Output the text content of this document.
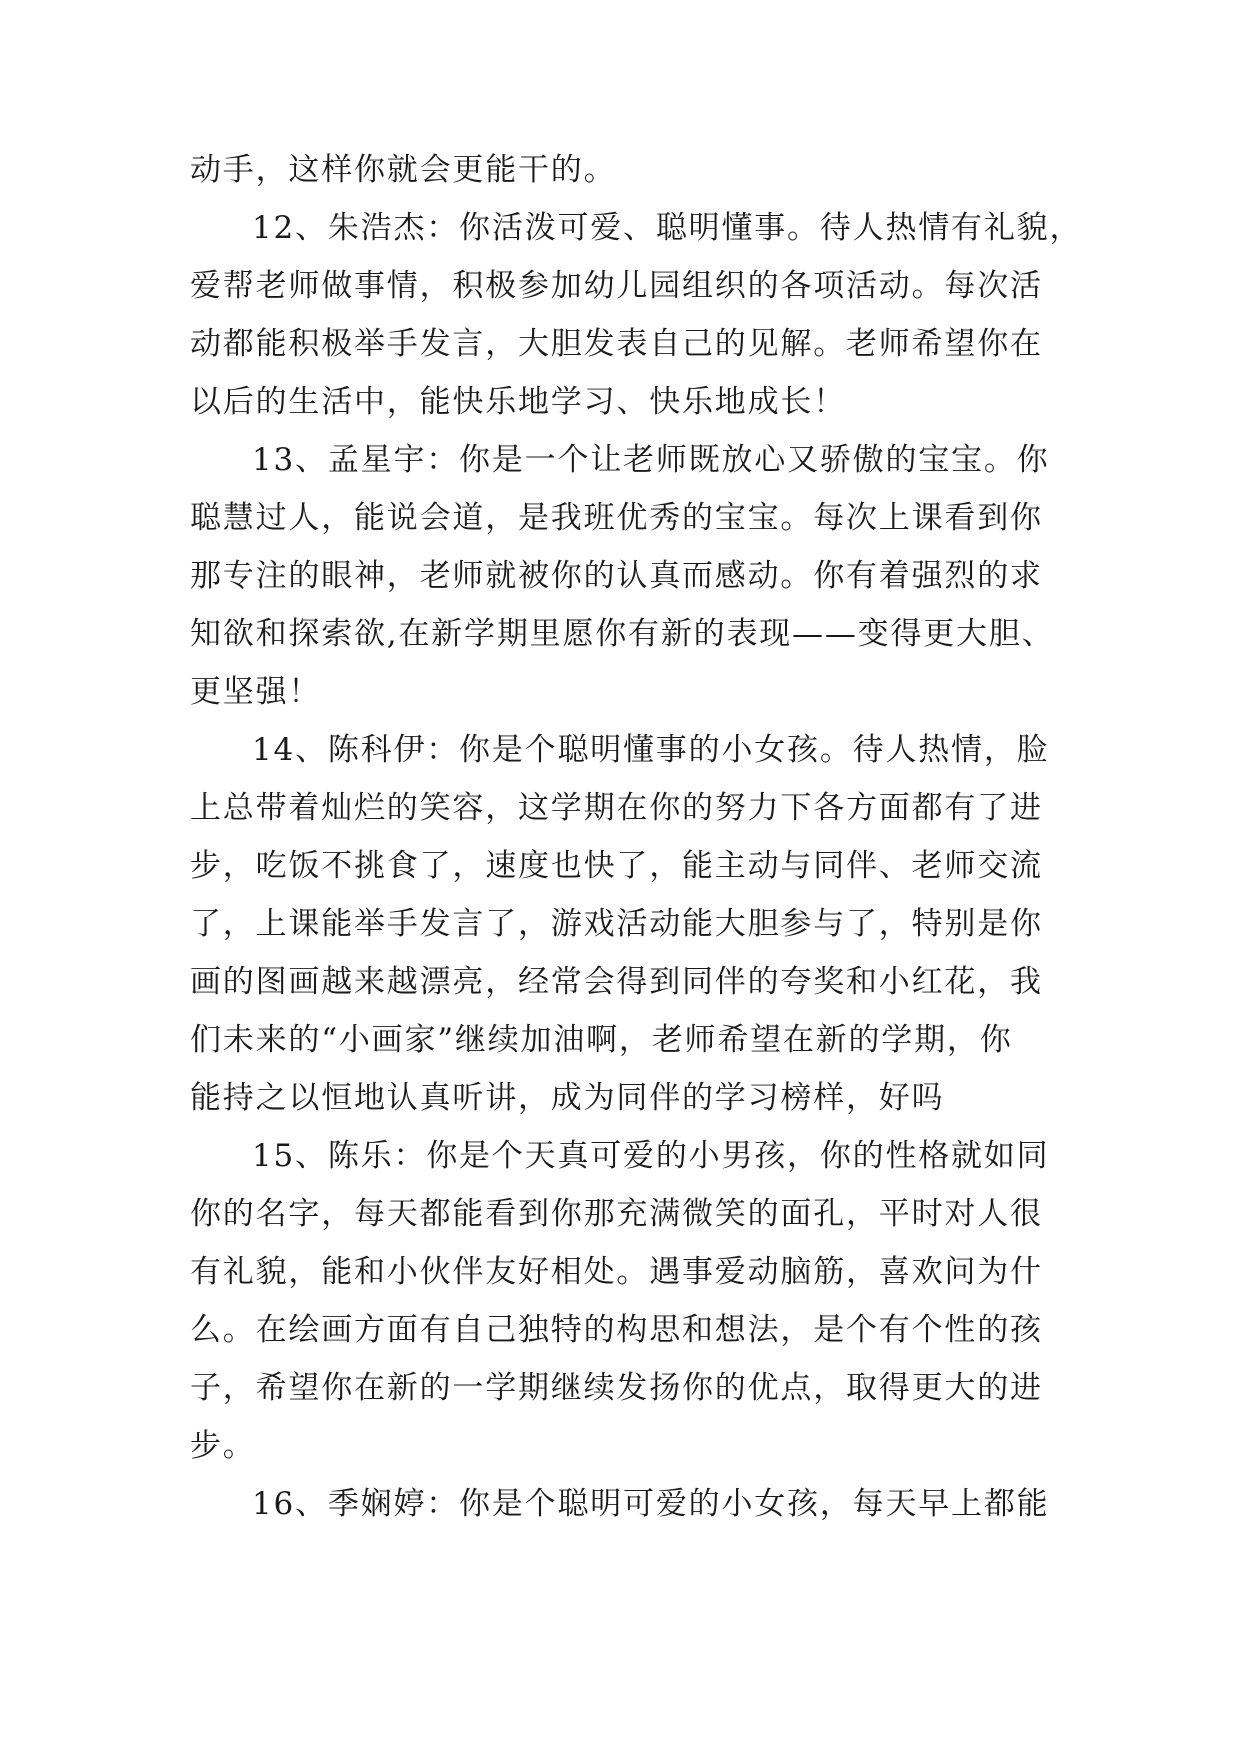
动手，这样你就会更能干的。
12、朱浩杰：你活泼可爱、聪明懂事。待人热情有礼貌，
爱帮老师做事情，积极参加幼儿园组织的各项活动。每次活
动都能积极举手发言，大胆发表自己的见解。老师希望你在
以后的生活中，能快乐地学习、快乐地成长！
13、孟星宇：你是一个让老师既放心又骄傲的宝宝。你
聪慧过人，能说会道，是我班优秀的宝宝。每次上课看到你
那专注的眼神，老师就被你的认真而感动。你有着强烈的求
知欲和探索欲,在新学期里愿你有新的表现——变得更大胆、
更坚强！
14、陈科伊：你是个聪明懂事的小女孩。待人热情，脸
上总带着灿烂的笑容，这学期在你的努力下各方面都有了进
步，吃饭不挑食了，速度也快了，能主动与同伴、老师交流
了，上课能举手发言了，游戏活动能大胆参与了，特别是你
画的图画越来越漂亮，经常会得到同伴的夸奖和小红花，我
们未来的“小画家”继续加油啊，老师希望在新的学期，你
能持之以恒地认真听讲，成为同伴的学习榜样，好吗
15、陈乐：你是个天真可爱的小男孩，你的性格就如同
你的名字，每天都能看到你那充满微笑的面孔，平时对人很
有礼貌，能和小伙伴友好相处。遇事爱动脑筋，喜欢问为什
么。在绘画方面有自己独特的构思和想法，是个有个性的孩
子，希望你在新的一学期继续发扬你的优点，取得更大的进
步。
16、季娴婷：你是个聪明可爱的小女孩，每天早上都能
